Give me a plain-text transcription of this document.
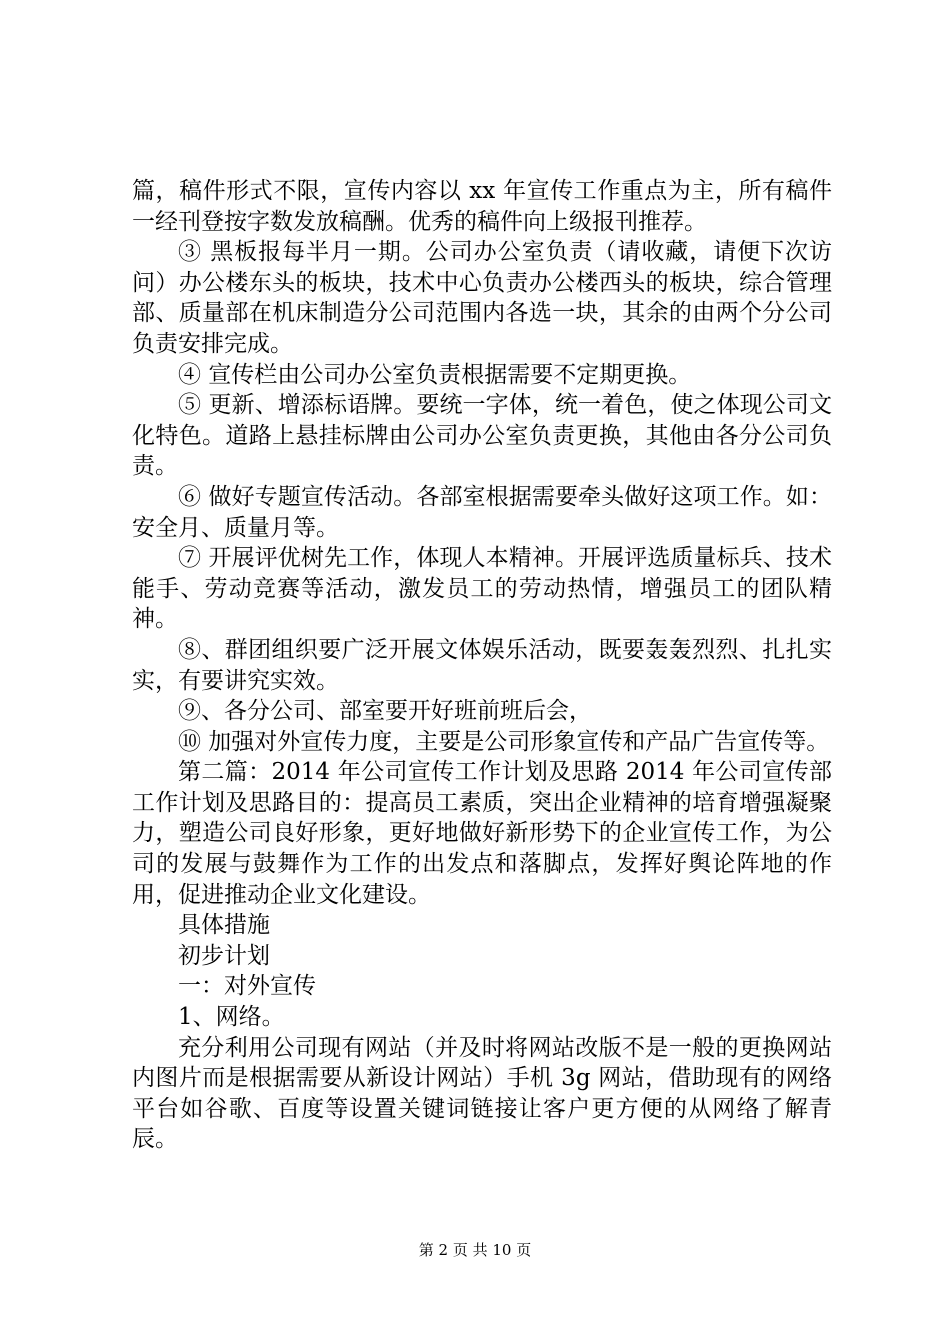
篇，稿件形式不限，宣传内容以 xx 年宣传工作重点为主，所有稿件一经刊登按字数发放稿酬。优秀的稿件向上级报刊推荐。

③ 黑板报每半月一期。公司办公室负责（请收藏，请便下次访问）办公楼东头的板块，技术中心负责办公楼西头的板块，综合管理部、质量部在机床制造分公司范围内各选一块，其余的由两个分公司负责安排完成。

④ 宣传栏由公司办公室负责根据需要不定期更换。

⑤ 更新、增添标语牌。要统一字体，统一着色，使之体现公司文化特色。道路上悬挂标牌由公司办公室负责更换，其他由各分公司负责。

⑥ 做好专题宣传活动。各部室根据需要牵头做好这项工作。如：安全月、质量月等。

⑦ 开展评优树先工作，体现人本精神。开展评选质量标兵、技术能手、劳动竞赛等活动，激发员工的劳动热情，增强员工的团队精神。

⑧、群团组织要广泛开展文体娱乐活动，既要轰轰烈烈、扎扎实实，有要讲究实效。

⑨、各分公司、部室要开好班前班后会，

⑩ 加强对外宣传力度，主要是公司形象宣传和产品广告宣传等。

第二篇：2014 年公司宣传工作计划及思路 2014 年公司宣传部工作计划及思路目的：提高员工素质，突出企业精神的培育增强凝聚力，塑造公司良好形象，更好地做好新形势下的企业宣传工作，为公司的发展与鼓舞作为工作的出发点和落脚点，发挥好舆论阵地的作用，促进推动企业文化建设。

具体措施

初步计划

一：对外宣传

1、网络。

充分利用公司现有网站（并及时将网站改版不是一般的更换网站内图片而是根据需要从新设计网站）手机 3g 网站，借助现有的网络平台如谷歌、百度等设置关键词链接让客户更方便的从网络了解青辰。

第 2 页 共 10 页
